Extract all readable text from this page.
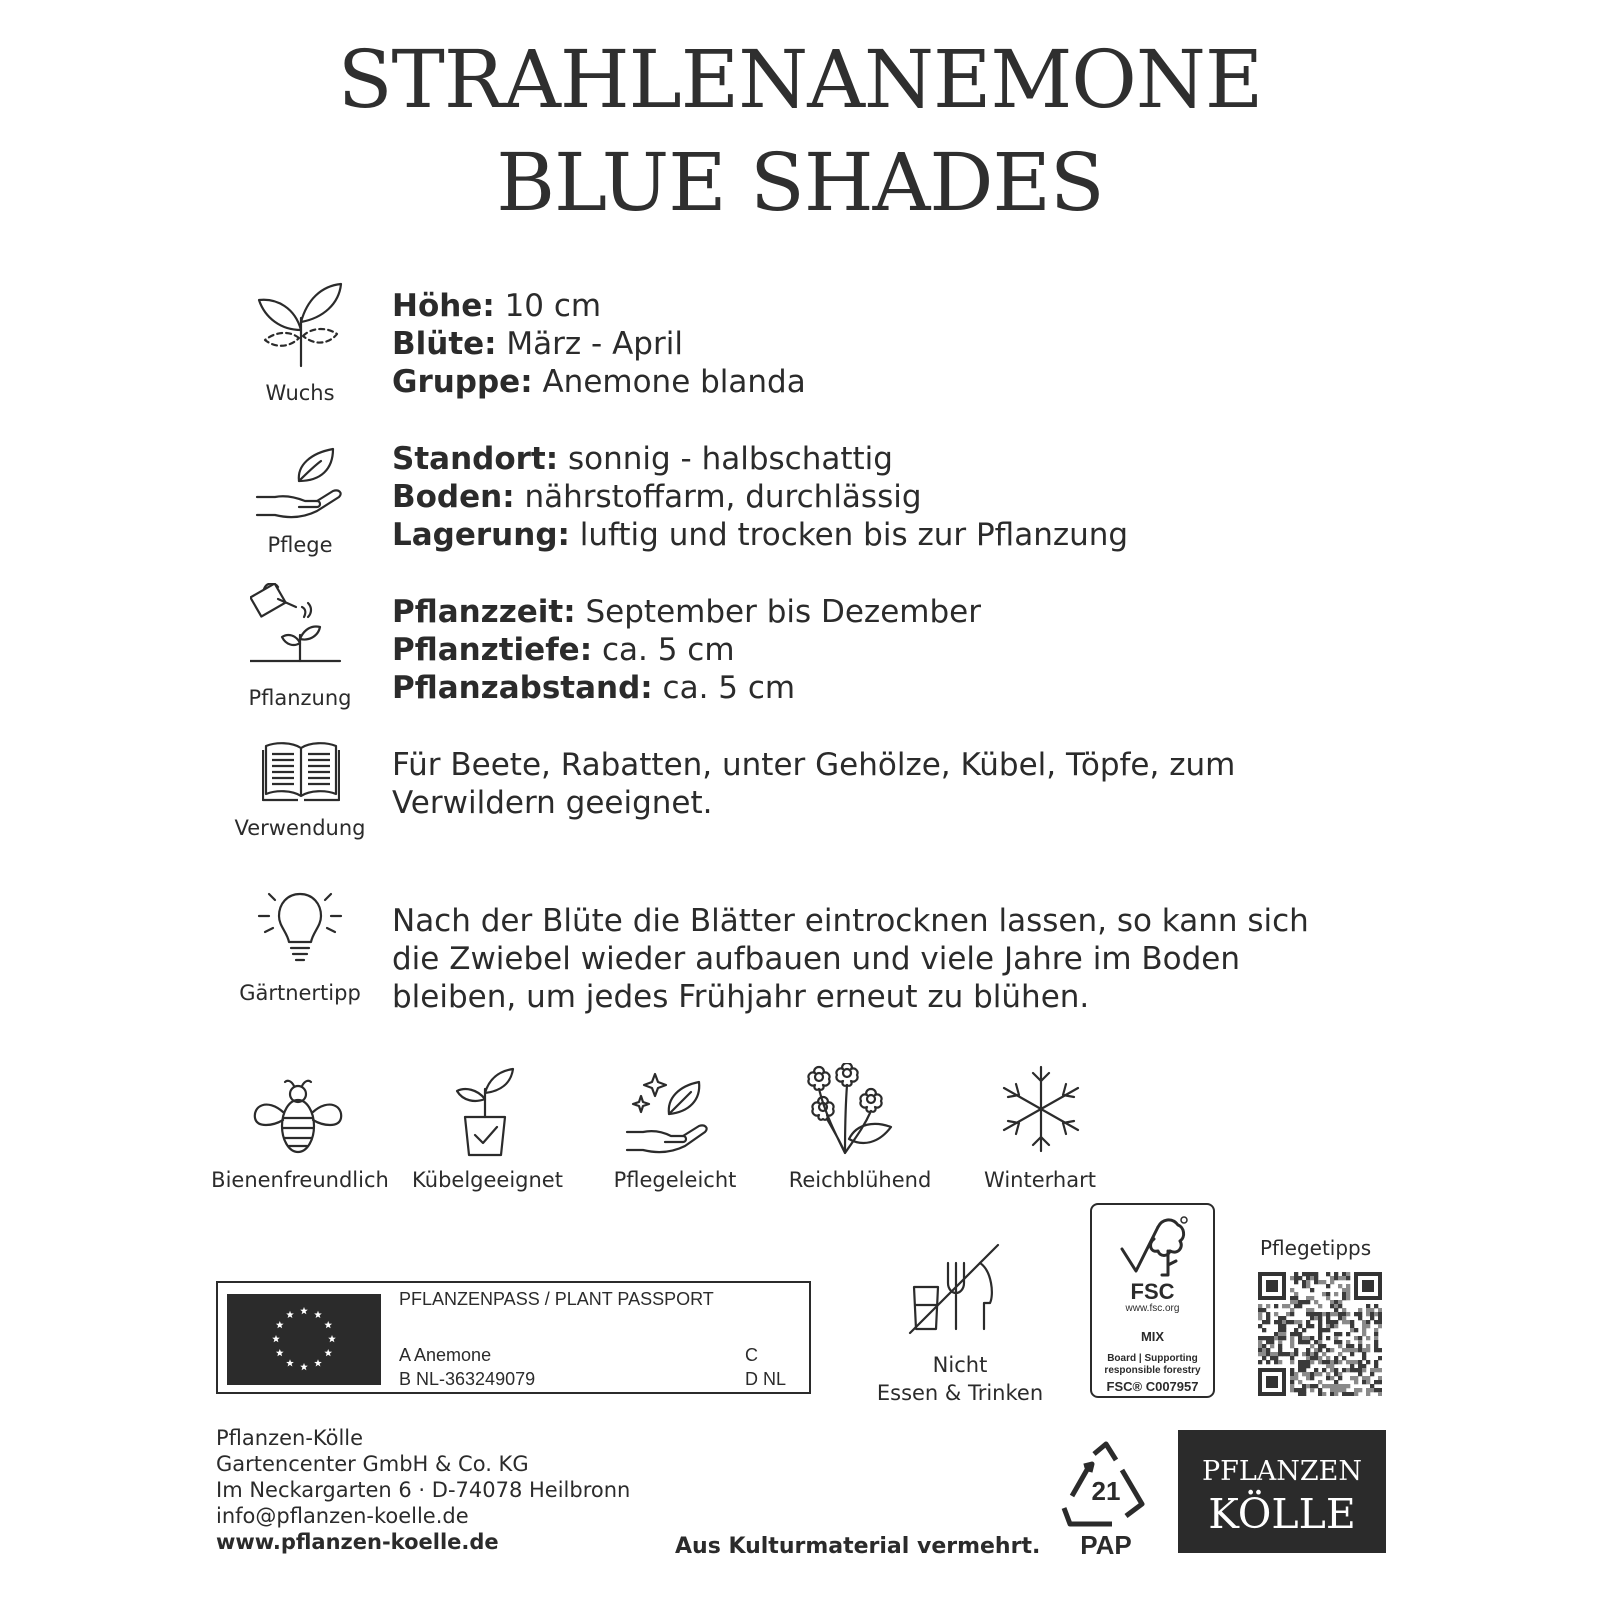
STRAHLENANEMONE
BLUE SHADES
Wuchs
Höhe: 10 cm
Blüte: März - April
Gruppe: Anemone blanda
Pflege
Standort: sonnig - halbschattig
Boden: nährstoffarm, durchlässig
Lagerung: luftig und trocken bis zur Pflanzung
Pflanzung
Pflanzzeit: September bis Dezember
Pflanztiefe: ca. 5 cm
Pflanzabstand: ca. 5 cm
Verwendung
Für Beete, Rabatten, unter Gehölze, Kübel, Töpfe, zum Verwildern geeignet.
Gärtnertipp
Nach der Blüte die Blätter eintrocknen lassen, so kann sich die Zwiebel wieder aufbauen und viele Jahre im Boden bleiben, um jedes Frühjahr erneut zu blühen.
Bienenfreundlich	Kübelgeeignet	Pflegeleicht	Reichblühend	Winterhart
PFLANZENPASS / PLANT PASSPORT
A Anemone
B NL-363249079
C
D NL
Nicht
Essen & Trinken
FSC
www.fsc.org
MIX
Board | Supporting
responsible forestry
FSC® C007957
Pflegetipps
Pflanzen-Kölle
Gartencenter GmbH & Co. KG
Im Neckargarten 6 · D-74078 Heilbronn
info@pflanzen-koelle.de
www.pflanzen-koelle.de	Aus Kulturmaterial vermehrt.
21
PAP
PFLANZEN
KÖLLE
